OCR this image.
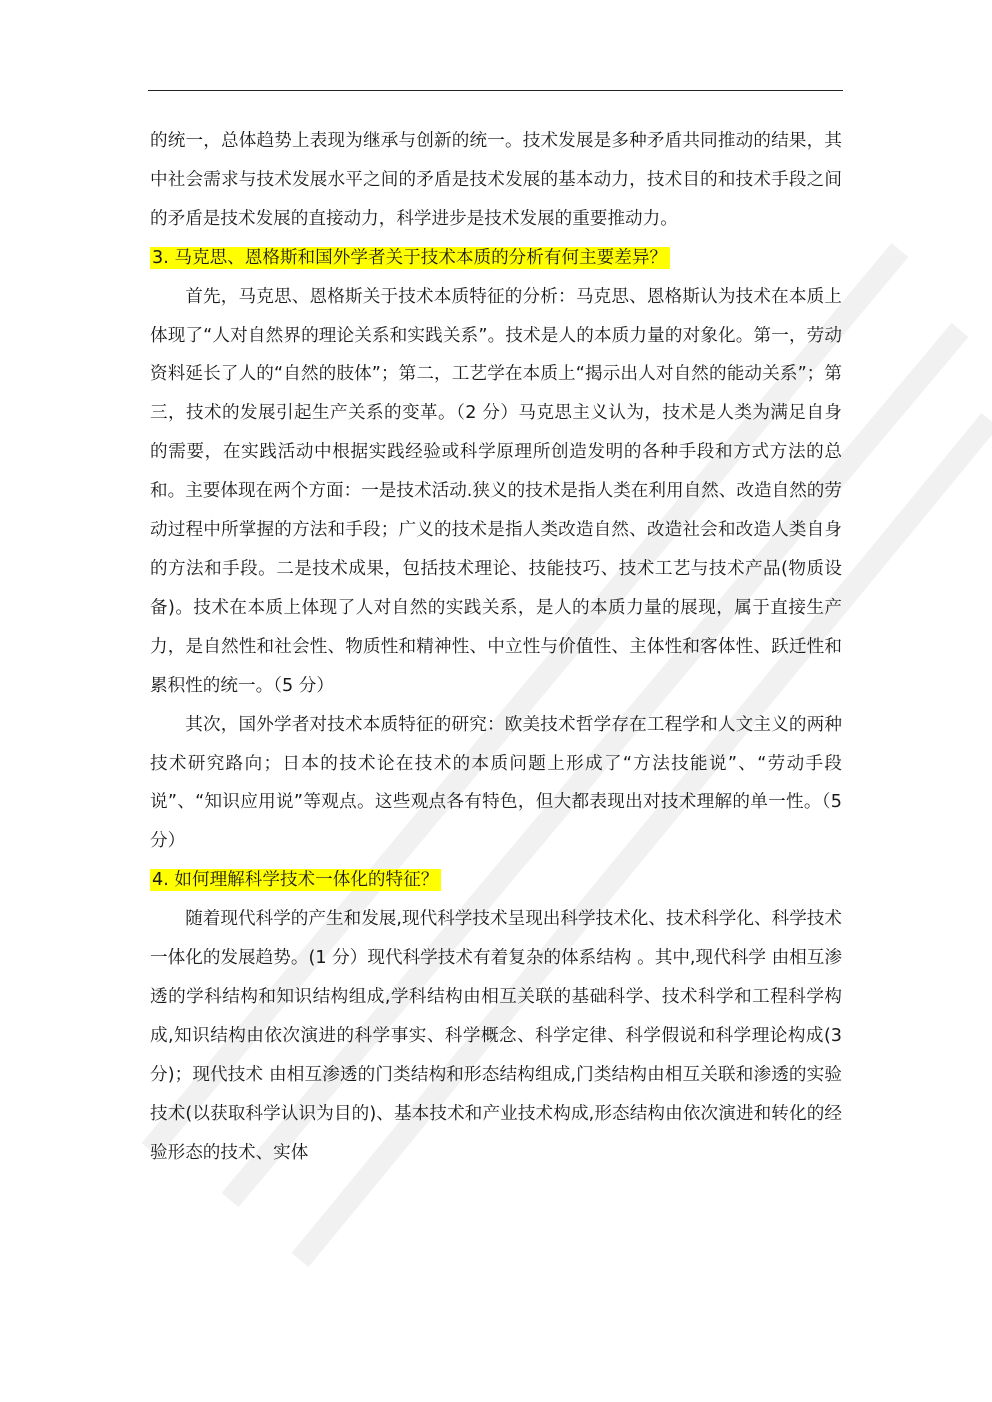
的统一，总体趋势上表现为继承与创新的统一。技术发展是多种矛盾共同推动的结果，其中社会需求与技术发展水平之间的矛盾是技术发展的基本动力，技术目的和技术手段之间的矛盾是技术发展的直接动力，科学进步是技术发展的重要推动力。

3. 马克思、恩格斯和国外学者关于技术本质的分析有何主要差异？

首先，马克思、恩格斯关于技术本质特征的分析：马克思、恩格斯认为技术在本质上体现了“人对自然界的理论关系和实践关系”。技术是人的本质力量的对象化。第一，劳动资料延长了人的“自然的肢体”；第二，工艺学在本质上“揭示出人对自然的能动关系”；第三，技术的发展引起生产关系的变革。（2 分）马克思主义认为，技术是人类为满足自身的需要，在实践活动中根据实践经验或科学原理所创造发明的各种手段和方式方法的总和。主要体现在两个方面：一是技术活动.狭义的技术是指人类在利用自然、改造自然的劳动过程中所掌握的方法和手段；广义的技术是指人类改造自然、改造社会和改造人类自身的方法和手段。二是技术成果，包括技术理论、技能技巧、技术工艺与技术产品(物质设备)。技术在本质上体现了人对自然的实践关系，是人的本质力量的展现，属于直接生产力，是自然性和社会性、物质性和精神性、中立性与价值性、主体性和客体性、跃迁性和累积性的统一。（5 分）

其次，国外学者对技术本质特征的研究：欧美技术哲学存在工程学和人文主义的两种技术研究路向；日本的技术论在技术的本质问题上形成了“方法技能说”、“劳动手段说”、“知识应用说”等观点。这些观点各有特色，但大都表现出对技术理解的单一性。（5 分）

4. 如何理解科学技术一体化的特征？

随着现代科学的产生和发展,现代科学技术呈现出科学技术化、技术科学化、科学技术一体化的发展趋势。(1 分）现代科学技术有着复杂的体系结构 。其中,现代科学 由相互渗透的学科结构和知识结构组成,学科结构由相互关联的基础科学、技术科学和工程科学构成,知识结构由依次演进的科学事实、科学概念、科学定律、科学假说和科学理论构成(3 分)；现代技术 由相互渗透的门类结构和形态结构组成,门类结构由相互关联和渗透的实验技术(以获取科学认识为目的)、基本技术和产业技术构成,形态结构由依次演进和转化的经验形态的技术、实体
